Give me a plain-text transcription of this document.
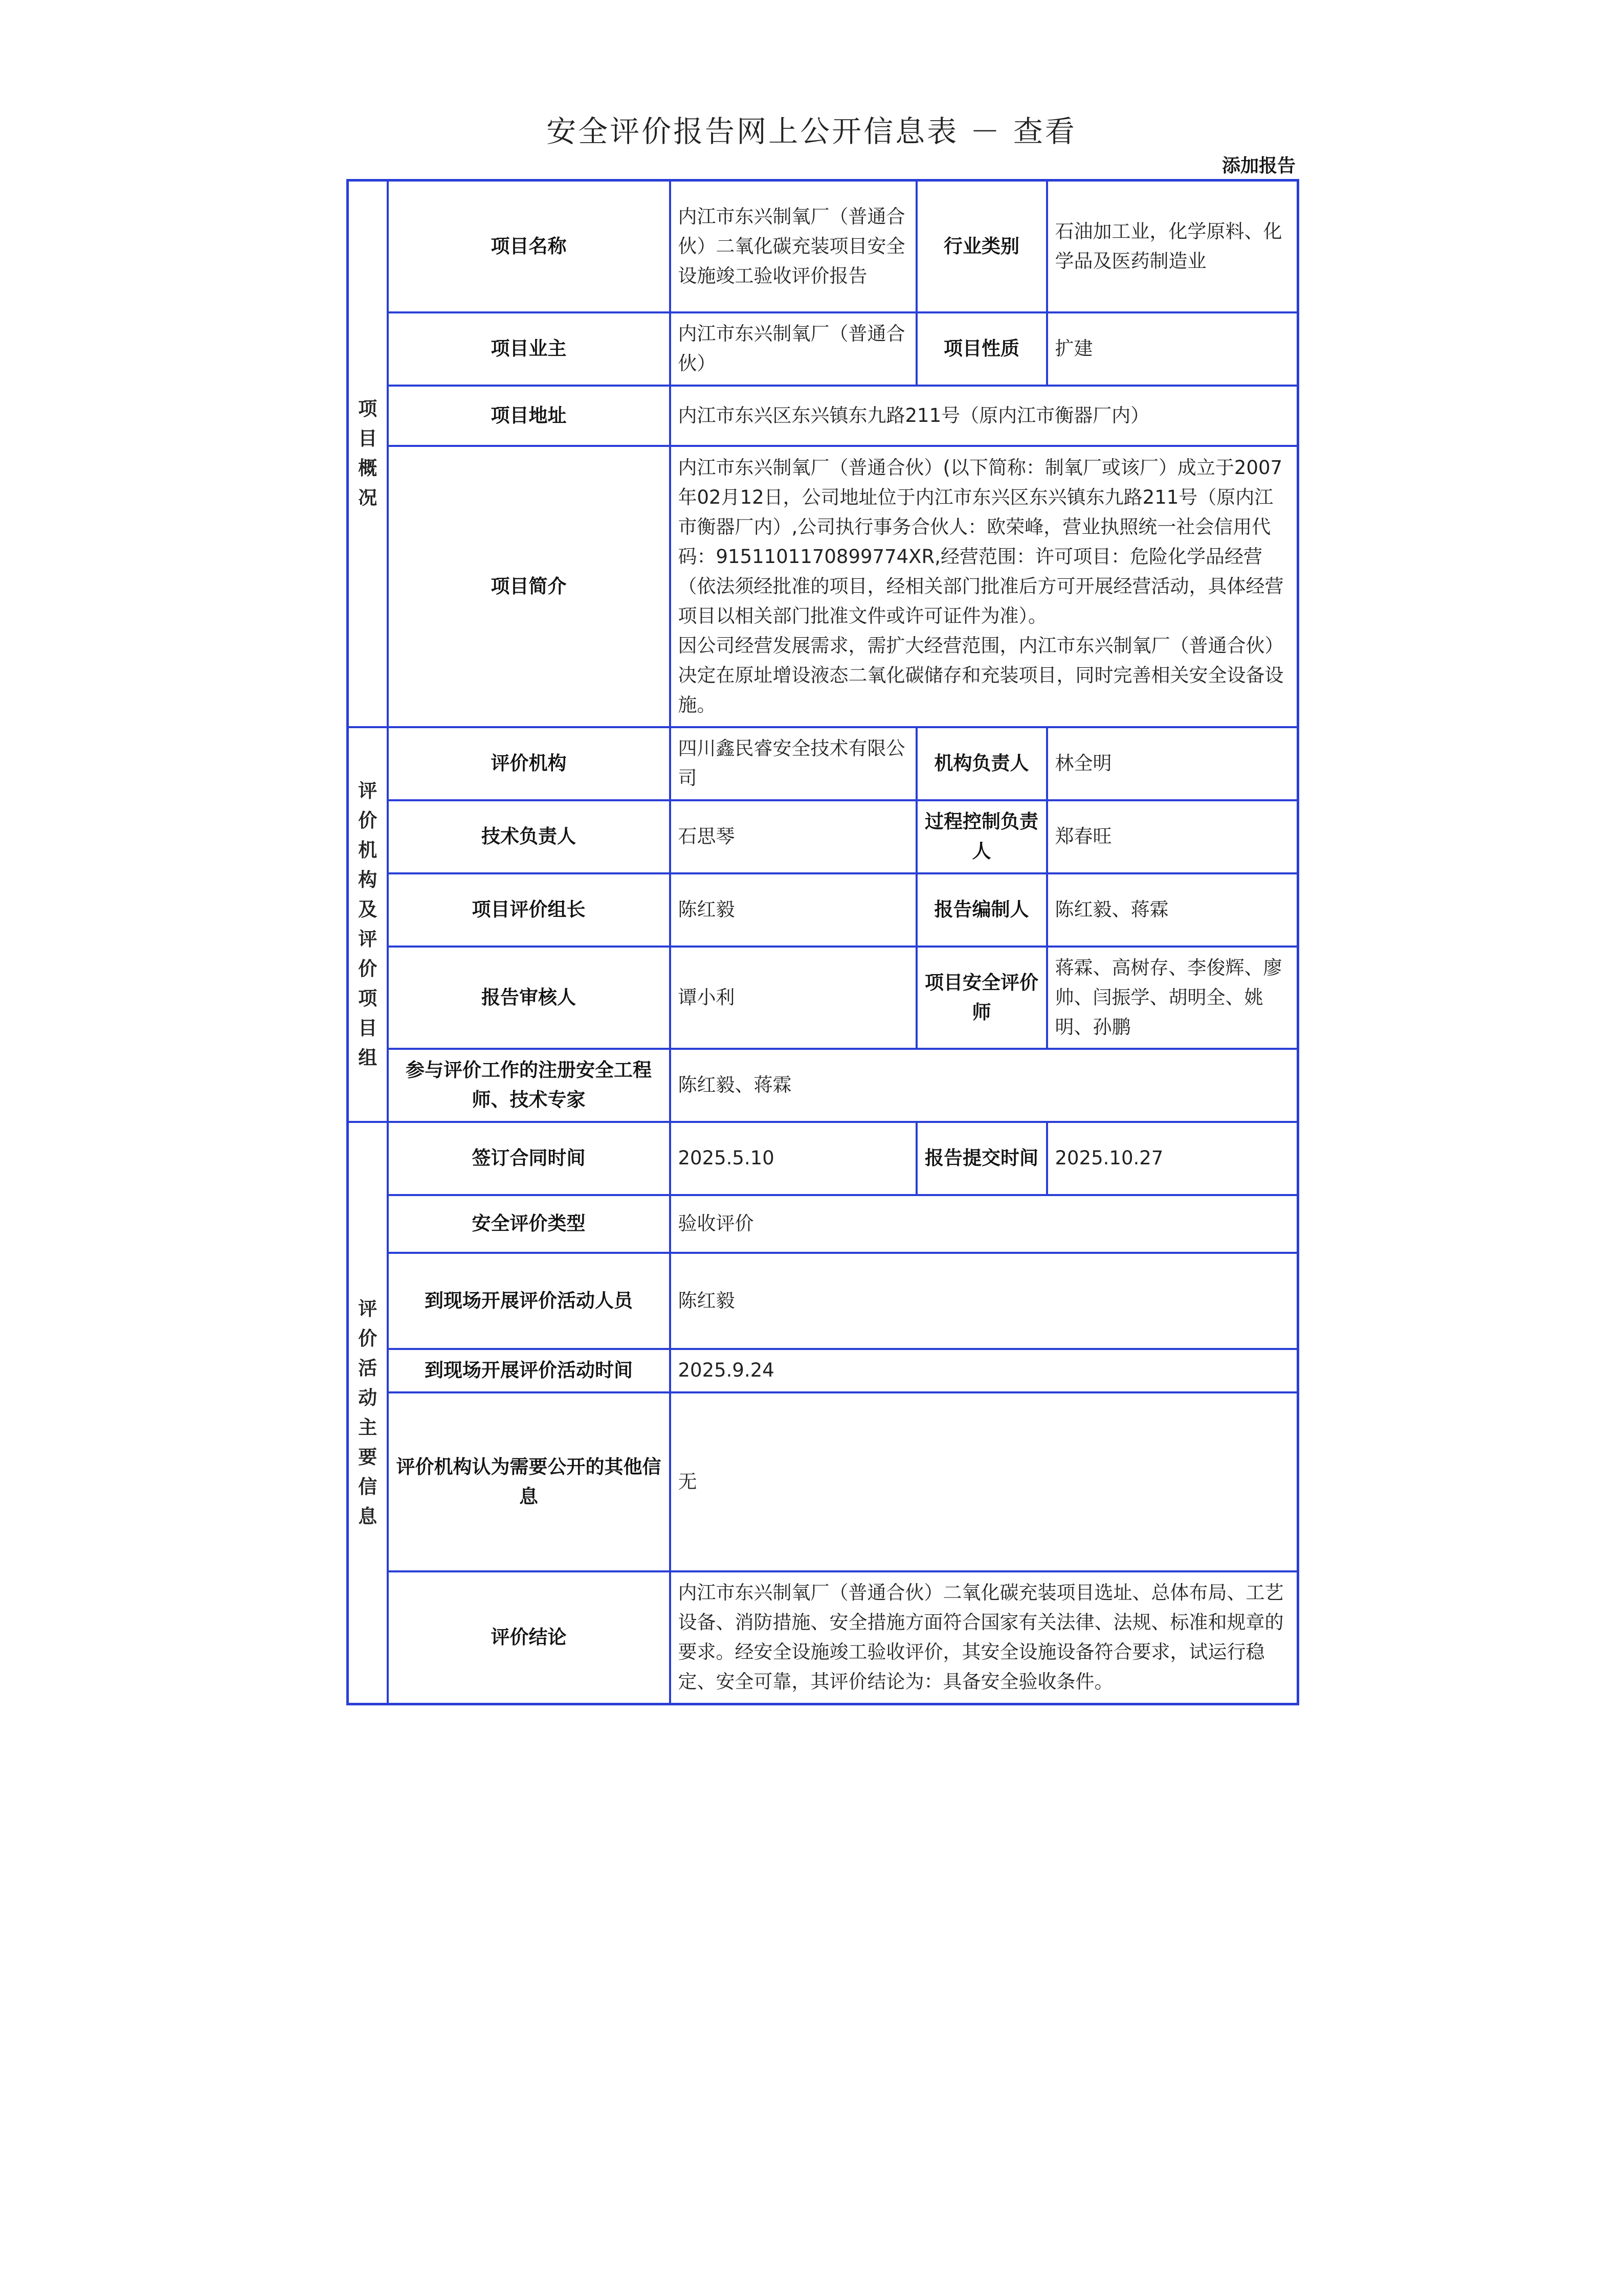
安全评价报告网上公开信息表 － 查看
添加报告
项目概况	项目名称	内江市东兴制氧厂（普通合伙）二氧化碳充装项目安全设施竣工验收评价报告	行业类别	石油加工业，化学原料、化学品及医药制造业
	项目业主	内江市东兴制氧厂（普通合伙）	项目性质	扩建
	项目地址	内江市东兴区东兴镇东九路211号（原内江市衡器厂内）		
	项目简介	内江市东兴制氧厂（普通合伙）(以下简称：制氧厂或该厂）成立于2007年02月12日，公司地址位于内江市东兴区东兴镇东九路211号（原内江市衡器厂内）,公司执行事务合伙人：欧荣峰，营业执照统一社会信用代码：9151101170899774XR,经营范围：许可项目：危险化学品经营（依法须经批准的项目，经相关部门批准后方可开展经营活动，具体经营项目以相关部门批准文件或许可证件为准）。
因公司经营发展需求，需扩大经营范围，内江市东兴制氧厂（普通合伙）决定在原址增设液态二氧化碳储存和充装项目，同时完善相关安全设备设施。		

评价机构及评价项目组	评价机构	四川鑫民睿安全技术有限公司	机构负责人	林全明
	技术负责人	石思琴	过程控制负责人	郑春旺
	项目评价组长	陈红毅	报告编制人	陈红毅、蒋霖
	报告审核人	谭小利	项目安全评价师	蒋霖、高树存、李俊辉、廖帅、闫振学、胡明全、姚明、孙鹏
	参与评价工作的注册安全工程师、技术专家	陈红毅、蒋霖		
评价活动主要信息	签订合同时间	2025.5.10	报告提交时间	2025.10.27
	安全评价类型	验收评价		
	到现场开展评价活动人员	陈红毅		
	到现场开展评价活动时间	2025.9.24		
	评价机构认为需要公开的其他信息	无		
	评价结论	内江市东兴制氧厂（普通合伙）二氧化碳充装项目选址、总体布局、工艺设备、消防措施、安全措施方面符合国家有关法律、法规、标准和规章的要求。经安全设施竣工验收评价，其安全设施设备符合要求，试运行稳定、安全可靠，其评价结论为：具备安全验收条件。		
